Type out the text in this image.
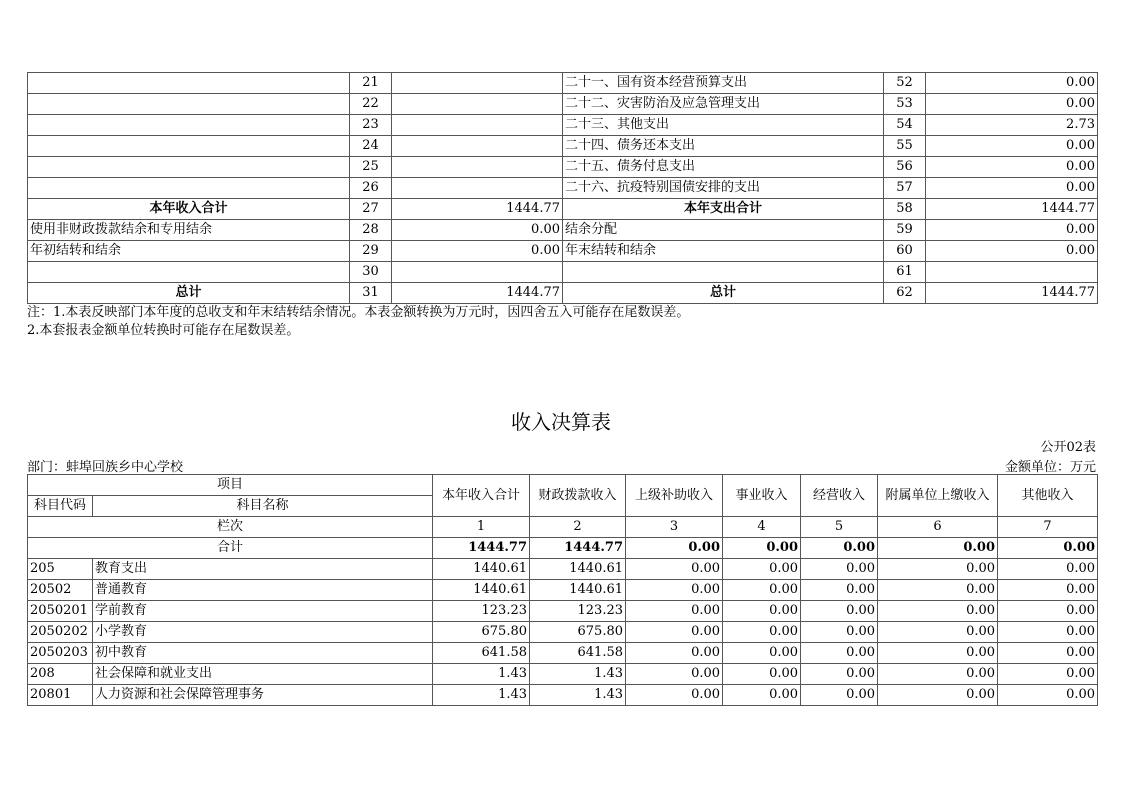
	21		二十一、国有资本经营预算支出	52	0.00
	22		二十二、灾害防治及应急管理支出	53	0.00
	23		二十三、其他支出	54	2.73
	24		二十四、债务还本支出	55	0.00
	25		二十五、债务付息支出	56	0.00
	26		二十六、抗疫特别国债安排的支出	57	0.00
本年收入合计	27	1444.77	本年支出合计	58	1444.77
使用非财政拨款结余和专用结余	28	0.00	结余分配	59	0.00
年初结转和结余	29	0.00	年末结转和结余	60	0.00
	30			61	
总计	31	1444.77	总计	62	1444.77
注：1.本表反映部门本年度的总收支和年末结转结余情况。本表金额转换为万元时，因四舍五入可能存在尾数误差。
2.本套报表金额单位转换时可能存在尾数误差。
收入决算表
公开02表
部门：蚌埠回族乡中心学校	金额单位：万元
项目		本年收入合计	财政拨款收入	上级补助收入	事业收入	经营收入	附属单位上缴收入	其他收入
科目代码	科目名称							
栏次		1	2	3	4	5	6	7
合计		1444.77	1444.77	0.00	0.00	0.00	0.00	0.00
205	教育支出	1440.61	1440.61	0.00	0.00	0.00	0.00	0.00
20502	普通教育	1440.61	1440.61	0.00	0.00	0.00	0.00	0.00
2050201	学前教育	123.23	123.23	0.00	0.00	0.00	0.00	0.00
2050202	小学教育	675.80	675.80	0.00	0.00	0.00	0.00	0.00
2050203	初中教育	641.58	641.58	0.00	0.00	0.00	0.00	0.00
208	社会保障和就业支出	1.43	1.43	0.00	0.00	0.00	0.00	0.00
20801	人力资源和社会保障管理事务	1.43	1.43	0.00	0.00	0.00	0.00	0.00
